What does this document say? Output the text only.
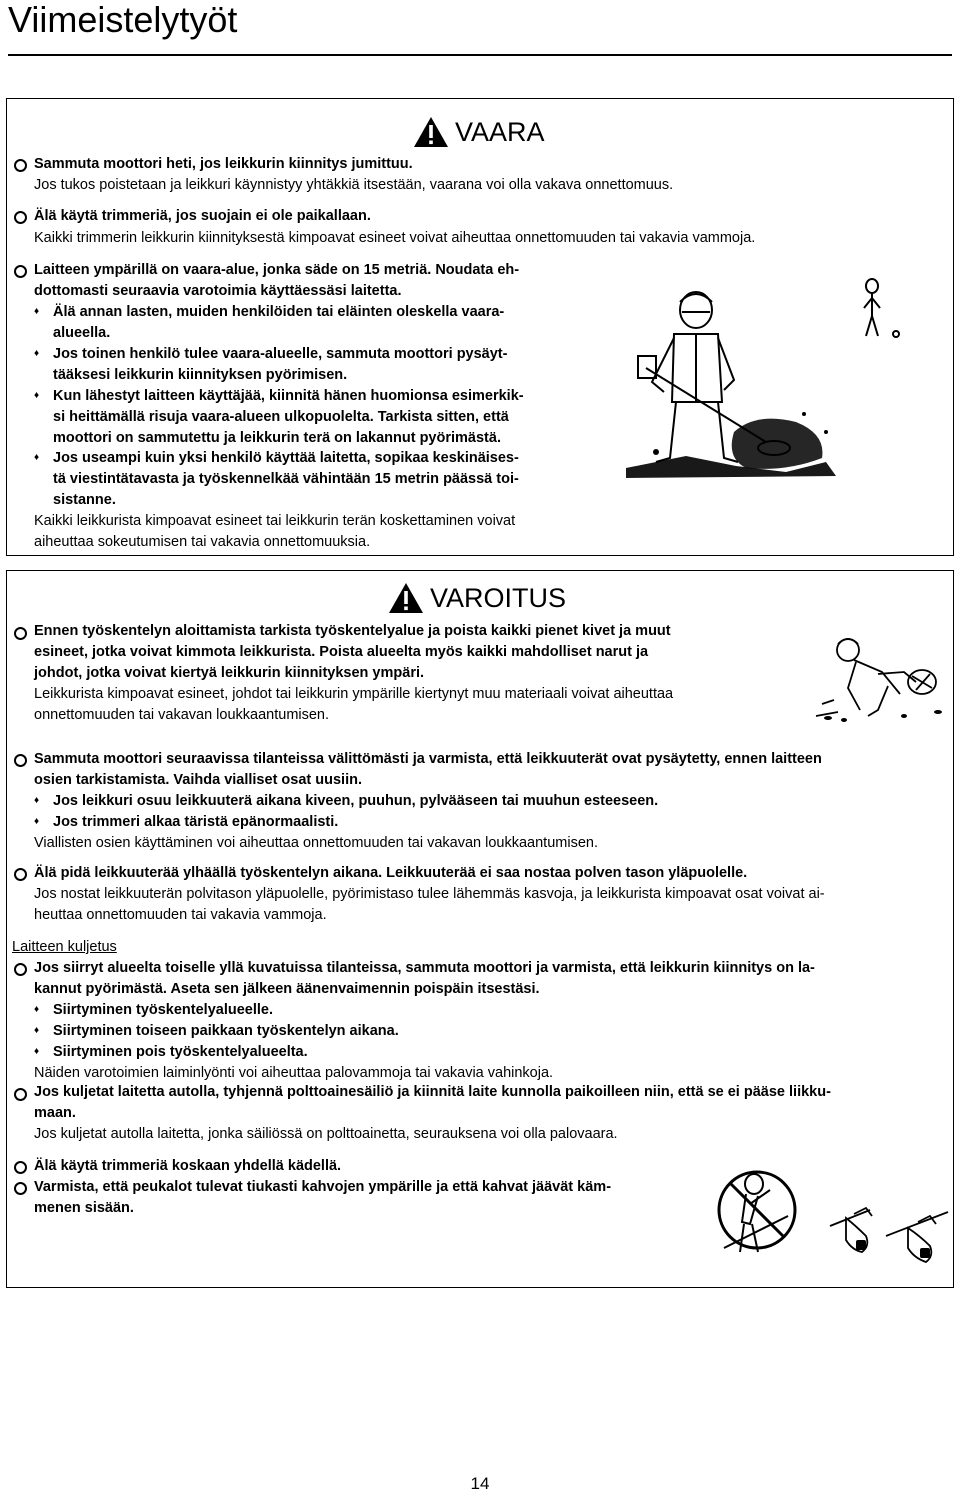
Viimeistelytyöt
VAARA
Sammuta moottori heti, jos leikkurin kiinnitys jumittuu.
Jos tukos poistetaan ja leikkuri käynnistyy yhtäkkiä itsestään, vaarana voi olla vakava onnettomuus.
Älä käytä trimmeriä, jos suojain ei ole paikallaan.
Kaikki trimmerin leikkurin kiinnityksestä kimpoavat esineet voivat aiheuttaa onnettomuuden tai vakavia vammoja.
Laitteen ympärillä on vaara-alue, jonka säde on 15 metriä. Noudata eh-
dottomasti seuraavia varotoimia käyttäessäsi laitetta.
♦ Älä annan lasten, muiden henkilöiden tai eläinten oleskella vaara-
alueella.
♦ Jos toinen henkilö tulee vaara-alueelle, sammuta moottori pysäyt-
tääksesi leikkurin kiinnityksen pyörimisen.
♦ Kun lähestyt laitteen käyttäjää, kiinnitä hänen huomionsa esimerkik-
si heittämällä risuja vaara-alueen ulkopuolelta. Tarkista sitten, että
moottori on sammutettu ja leikkurin terä on lakannut pyörimästä.
♦ Jos useampi kuin yksi henkilö käyttää laitetta, sopikaa keskinäises-
tä viestintätavasta ja työskennelkää vähintään 15 metrin päässä toi-
sistanne.
Kaikki leikkurista kimpoavat esineet tai leikkurin terän koskettaminen voivat
aiheuttaa sokeutumisen tai vakavia onnettomuuksia.
VAROITUS
Ennen työskentelyn aloittamista tarkista työskentelyalue ja poista kaikki pienet kivet ja muut
esineet, jotka voivat kimmota leikkurista. Poista alueelta myös kaikki mahdolliset narut ja
johdot, jotka voivat kiertyä leikkurin kiinnityksen ympäri.
Leikkurista kimpoavat esineet, johdot tai leikkurin ympärille kiertynyt muu materiaali voivat aiheuttaa
onnettomuuden tai vakavan loukkaantumisen.
Sammuta moottori seuraavissa tilanteissa välittömästi ja varmista, että leikkuuterät ovat pysäytetty, ennen laitteen
osien tarkistamista. Vaihda vialliset osat uusiin.
♦ Jos leikkuri osuu leikkuuterä aikana kiveen, puuhun, pylvääseen tai muuhun esteeseen.
♦ Jos trimmeri alkaa täristä epänormaalisti.
Viallisten osien käyttäminen voi aiheuttaa onnettomuuden tai vakavan loukkaantumisen.
Älä pidä leikkuuterää ylhäällä työskentelyn aikana. Leikkuuterää ei saa nostaa polven tason yläpuolelle.
Jos nostat leikkuuterän polvitason yläpuolelle, pyörimistaso tulee lähemmäs kasvoja, ja leikkurista kimpoavat osat voivat ai-
heuttaa onnettomuuden tai vakavia vammoja.
Laitteen kuljetus
Jos siirryt alueelta toiselle yllä kuvatuissa tilanteissa, sammuta moottori ja varmista, että leikkurin kiinnitys on la-
kannut pyörimästä. Aseta sen jälkeen äänenvaimennin poispäin itsestäsi.
♦ Siirtyminen työskentelyalueelle.
♦ Siirtyminen toiseen paikkaan työskentelyn aikana.
♦ Siirtyminen pois työskentelyalueelta.
Näiden varotoimien laiminlyönti voi aiheuttaa palovammoja tai vakavia vahinkoja.
Jos kuljetat laitetta autolla, tyhjennä polttoainesäiliö ja kiinnitä laite kunnolla paikoilleen niin, että se ei pääse liikku-
maan.
Jos kuljetat autolla laitetta, jonka säiliössä on polttoainetta, seurauksena voi olla palovaara.
Älä käytä trimmeriä koskaan yhdellä kädellä.
Varmista, että peukalot tulevat tiukasti kahvojen ympärille ja että kahvat jäävät käm-
menen sisään.
14
